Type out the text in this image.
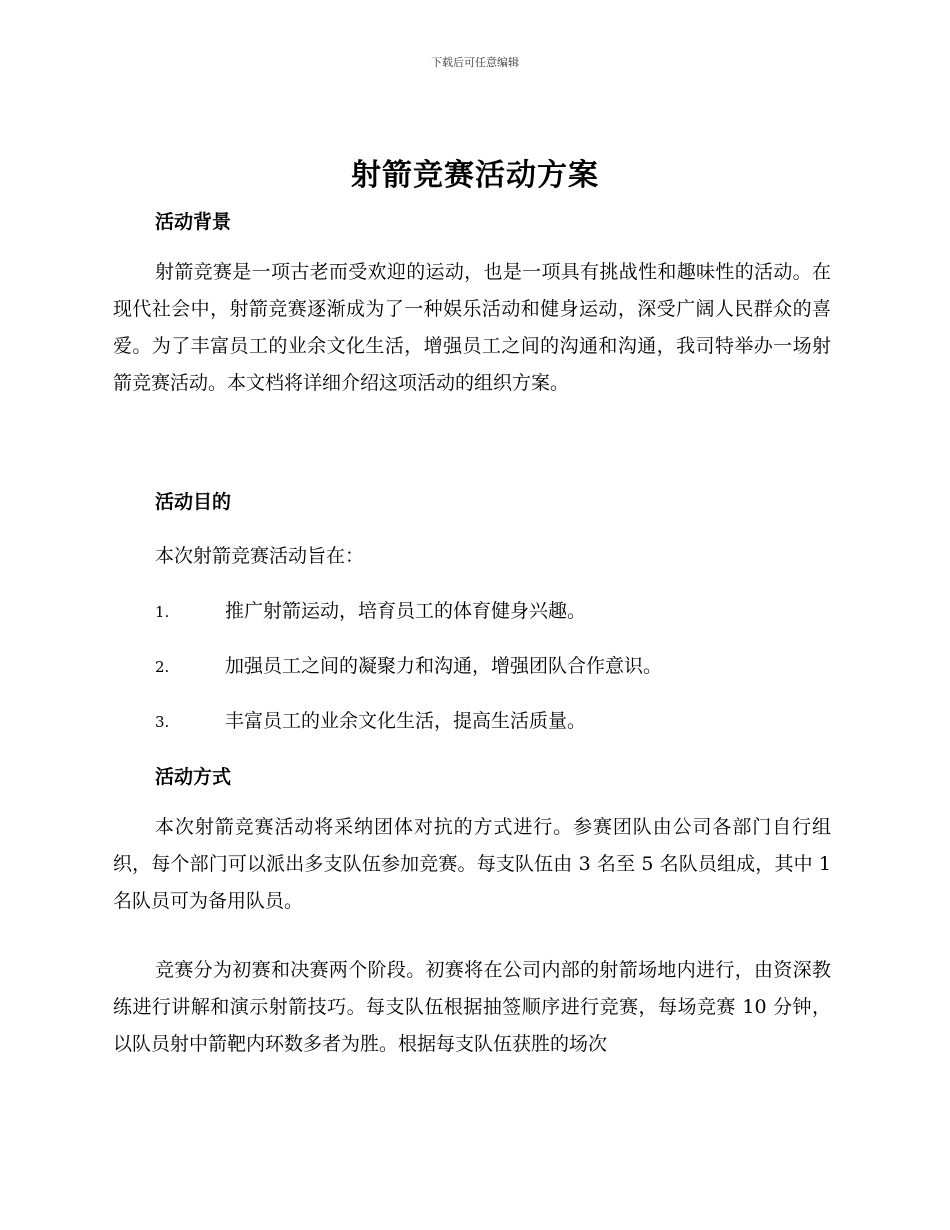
下载后可任意编辑
射箭竞赛活动方案
活动背景

射箭竞赛是一项古老而受欢迎的运动，也是一项具有挑战性和趣味性的活动。在现代社会中，射箭竞赛逐渐成为了一种娱乐活动和健身运动，深受广阔人民群众的喜爱。为了丰富员工的业余文化生活，增强员工之间的沟通和沟通，我司特举办一场射箭竞赛活动。本文档将详细介绍这项活动的组织方案。

活动目的

本次射箭竞赛活动旨在：

1.	推广射箭运动，培育员工的体育健身兴趣。
2.	加强员工之间的凝聚力和沟通，增强团队合作意识。
3.	丰富员工的业余文化生活，提高生活质量。
活动方式

本次射箭竞赛活动将采纳团体对抗的方式进行。参赛团队由公司各部门自行组织，每个部门可以派出多支队伍参加竞赛。每支队伍由 3 名至 5 名队员组成，其中 1 名队员可为备用队员。

竞赛分为初赛和决赛两个阶段。初赛将在公司内部的射箭场地内进行，由资深教练进行讲解和演示射箭技巧。每支队伍根据抽签顺序进行竞赛，每场竞赛 10 分钟，以队员射中箭靶内环数多者为胜。根据每支队伍获胜的场次
